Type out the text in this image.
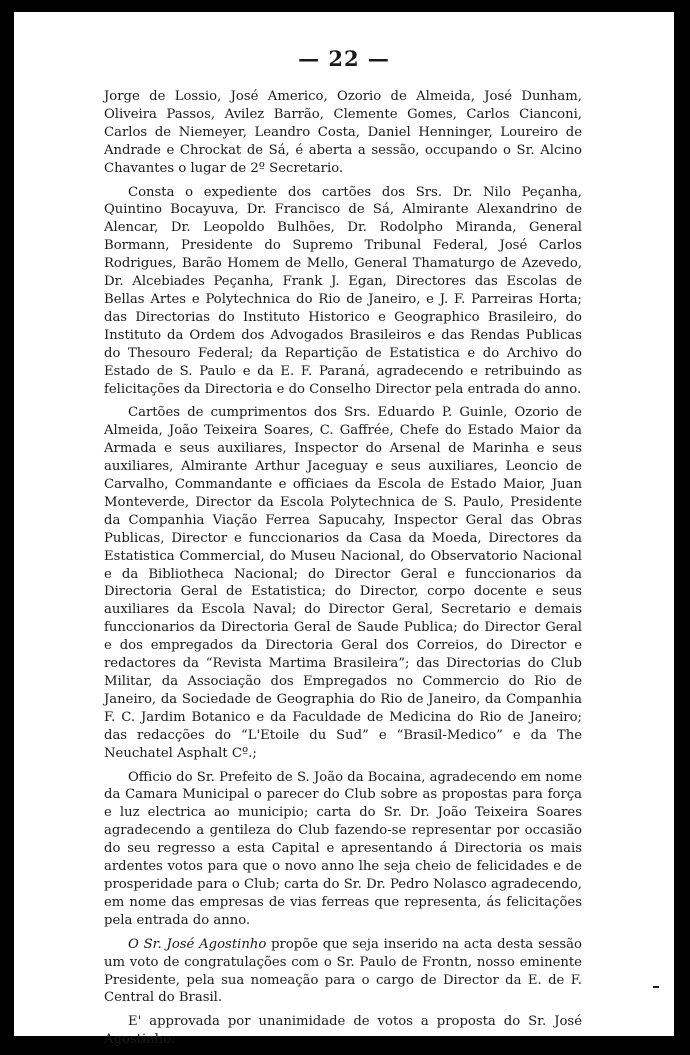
— 22 —

Jorge de Lossio, José Americo, Ozorio de Almeida, José Dunham, Oliveira Passos, Avilez Barrão, Clemente Gomes, Carlos Cianconi, Carlos de Niemeyer, Leandro Costa, Daniel Henninger, Loureiro de Andrade e Chrockat de Sá, é aberta a sessão, occupando o Sr. Alcino Chavantes o lugar de 2º Secretario.

Consta o expediente dos cartões dos Srs. Dr. Nilo Peçanha, Quintino Bocayuva, Dr. Francisco de Sá, Almirante Alexandrino de Alencar, Dr. Leopoldo Bulhões, Dr. Rodolpho Miranda, General Bormann, Presidente do Supremo Tribunal Federal, José Carlos Rodrigues, Barão Homem de Mello, General Thamaturgo de Azevedo, Dr. Alcebiades Peçanha, Frank J. Egan, Directores das Escolas de Bellas Artes e Polytechnica do Rio de Janeiro, e J. F. Parreiras Horta; das Directorias do Instituto Historico e Geographico Brasileiro, do Instituto da Ordem dos Advogados Brasileiros e das Rendas Publicas do Thesouro Federal; da Repartição de Estatistica e do Archivo do Estado de S. Paulo e da E. F. Paraná, agradecendo e retribuindo as felicitações da Directoria e do Conselho Director pela entrada do anno.

Cartões de cumprimentos dos Srs. Eduardo P. Guinle, Ozorio de Almeida, João Teixeira Soares, C. Gaffrée, Chefe do Estado Maior da Armada e seus auxiliares, Inspector do Arsenal de Marinha e seus auxiliares, Almirante Arthur Jaceguay e seus auxiliares, Leoncio de Carvalho, Commandante e officiaes da Escola de Estado Maior, Juan Monteverde, Director da Escola Polytechnica de S. Paulo, Presidente da Companhia Viação Ferrea Sapucahy, Inspector Geral das Obras Publicas, Director e funccionarios da Casa da Moeda, Directores da Estatistica Commercial, do Museu Nacional, do Observatorio Nacional e da Bibliotheca Nacional; do Director Geral e funccionarios da Directoria Geral de Estatistica; do Director, corpo docente e seus auxiliares da Escola Naval; do Director Geral, Secretario e demais funccionarios da Directoria Geral de Saude Publica; do Director Geral e dos empregados da Directoria Geral dos Correios, do Director e redactores da “Revista Martima Brasileira”; das Directorias do Club Militar, da Associação dos Empregados no Commercio do Rio de Janeiro, da Sociedade de Geographia do Rio de Janeiro, da Companhia F. C. Jardim Botanico e da Faculdade de Medicina do Rio de Janeiro; das redacções do “L'Etoile du Sud” e “Brasil-Medico” e da The Neuchatel Asphalt Cº.;

Officio do Sr. Prefeito de S. João da Bocaina, agradecendo em nome da Camara Municipal o parecer do Club sobre as propostas para força e luz electrica ao municipio; carta do Sr. Dr. João Teixeira Soares agradecendo a gentileza do Club fazendo-se representar por occasião do seu regresso a esta Capital e apresentando á Directoria os mais ardentes votos para que o novo anno lhe seja cheio de felicidades e de prosperidade para o Club; carta do Sr. Dr. Pedro Nolasco agradecendo, em nome das empresas de vias ferreas que representa, ás felicitações pela entrada do anno.

O Sr. José Agostinho propõe que seja inserido na acta desta sessão um voto de congratulações com o Sr. Paulo de Frontn, nosso eminente Presidente, pela sua nomeação para o cargo de Director da E. de F. Central do Brasil.

E' approvada por unanimidade de votos a proposta do Sr. José Agostinho.
